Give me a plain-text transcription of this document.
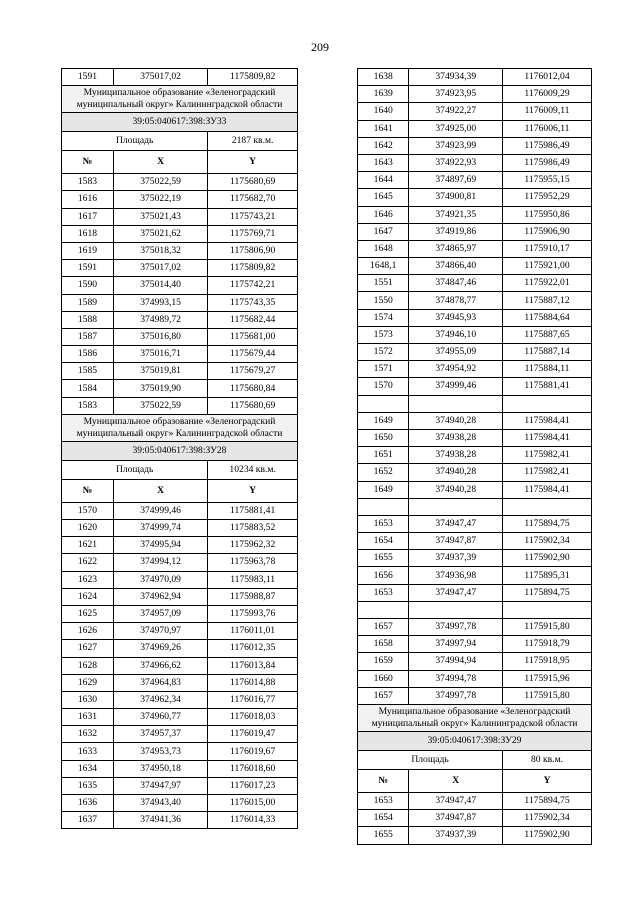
209
1591	375017,02	1175809,82
Муниципальное образование «Зеленоградский муниципальный округ» Калининградской области		
39:05:040617:398:ЗУ33		
Площадь		2187 кв.м.
№	X	Y
1583	375022,59	1175680,69
1616	375022,19	1175682,70
1617	375021,43	1175743,21
1618	375021,62	1175769,71
1619	375018,32	1175806,90
1591	375017,02	1175809,82
1590	375014,40	1175742,21
1589	374993,15	1175743,35
1588	374989,72	1175682,44
1587	375016,80	1175681,00
1586	375016,71	1175679,44
1585	375019,81	1175679,27
1584	375019,90	1175680,84
1583	375022,59	1175680,69
Муниципальное образование «Зеленоградский муниципальный округ» Калининградской области		
39:05:040617:398:ЗУ28		
Площадь		10234 кв.м.
№	X	Y
1570	374999,46	1175881,41
1620	374999,74	1175883,52
1621	374995,94	1175962,32
1622	374994,12	1175963,78
1623	374970,09	1175983,11
1624	374962,94	1175988,87
1625	374957,09	1175993,76
1626	374970,97	1176011,01
1627	374969,26	1176012,35
1628	374966,62	1176013,84
1629	374964,83	1176014,88
1630	374962,34	1176016,77
1631	374960,77	1176018,03
1632	374957,37	1176019,47
1633	374953,73	1176019,67
1634	374950,18	1176018,60
1635	374947,97	1176017,23
1636	374943,40	1176015,00
1637	374941,36	1176014,33
1638	374934,39	1176012,04
1639	374923,95	1176009,29
1640	374922,27	1176009,11
1641	374925,00	1176006,11
1642	374923,99	1175986,49
1643	374922,93	1175986,49
1644	374897,69	1175955,15
1645	374900,81	1175952,29
1646	374921,35	1175950,86
1647	374919,86	1175906,90
1648	374865,97	1175910,17
1648,1	374866,40	1175921,00
1551	374847,46	1175922,01
1550	374878,77	1175887,12
1574	374945,93	1175884,64
1573	374946,10	1175887,65
1572	374955,09	1175887,14
1571	374954,92	1175884,11
1570	374999,46	1175881,41

1649	374940,28	1175984,41
1650	374938,28	1175984,41
1651	374938,28	1175982,41
1652	374940,28	1175982,41
1649	374940,28	1175984,41

1653	374947,47	1175894,75
1654	374947,87	1175902,34
1655	374937,39	1175902,90
1656	374936,98	1175895,31
1653	374947,47	1175894,75

1657	374997,78	1175915,80
1658	374997,94	1175918,79
1659	374994,94	1175918,95
1660	374994,78	1175915,96
1657	374997,78	1175915,80
Муниципальное образование «Зеленоградский муниципальный округ» Калининградской области		
39:05:040617:398:ЗУ29		
Площадь		80 кв.м.
№	X	Y
1653	374947,47	1175894,75
1654	374947,87	1175902,34
1655	374937,39	1175902,90
